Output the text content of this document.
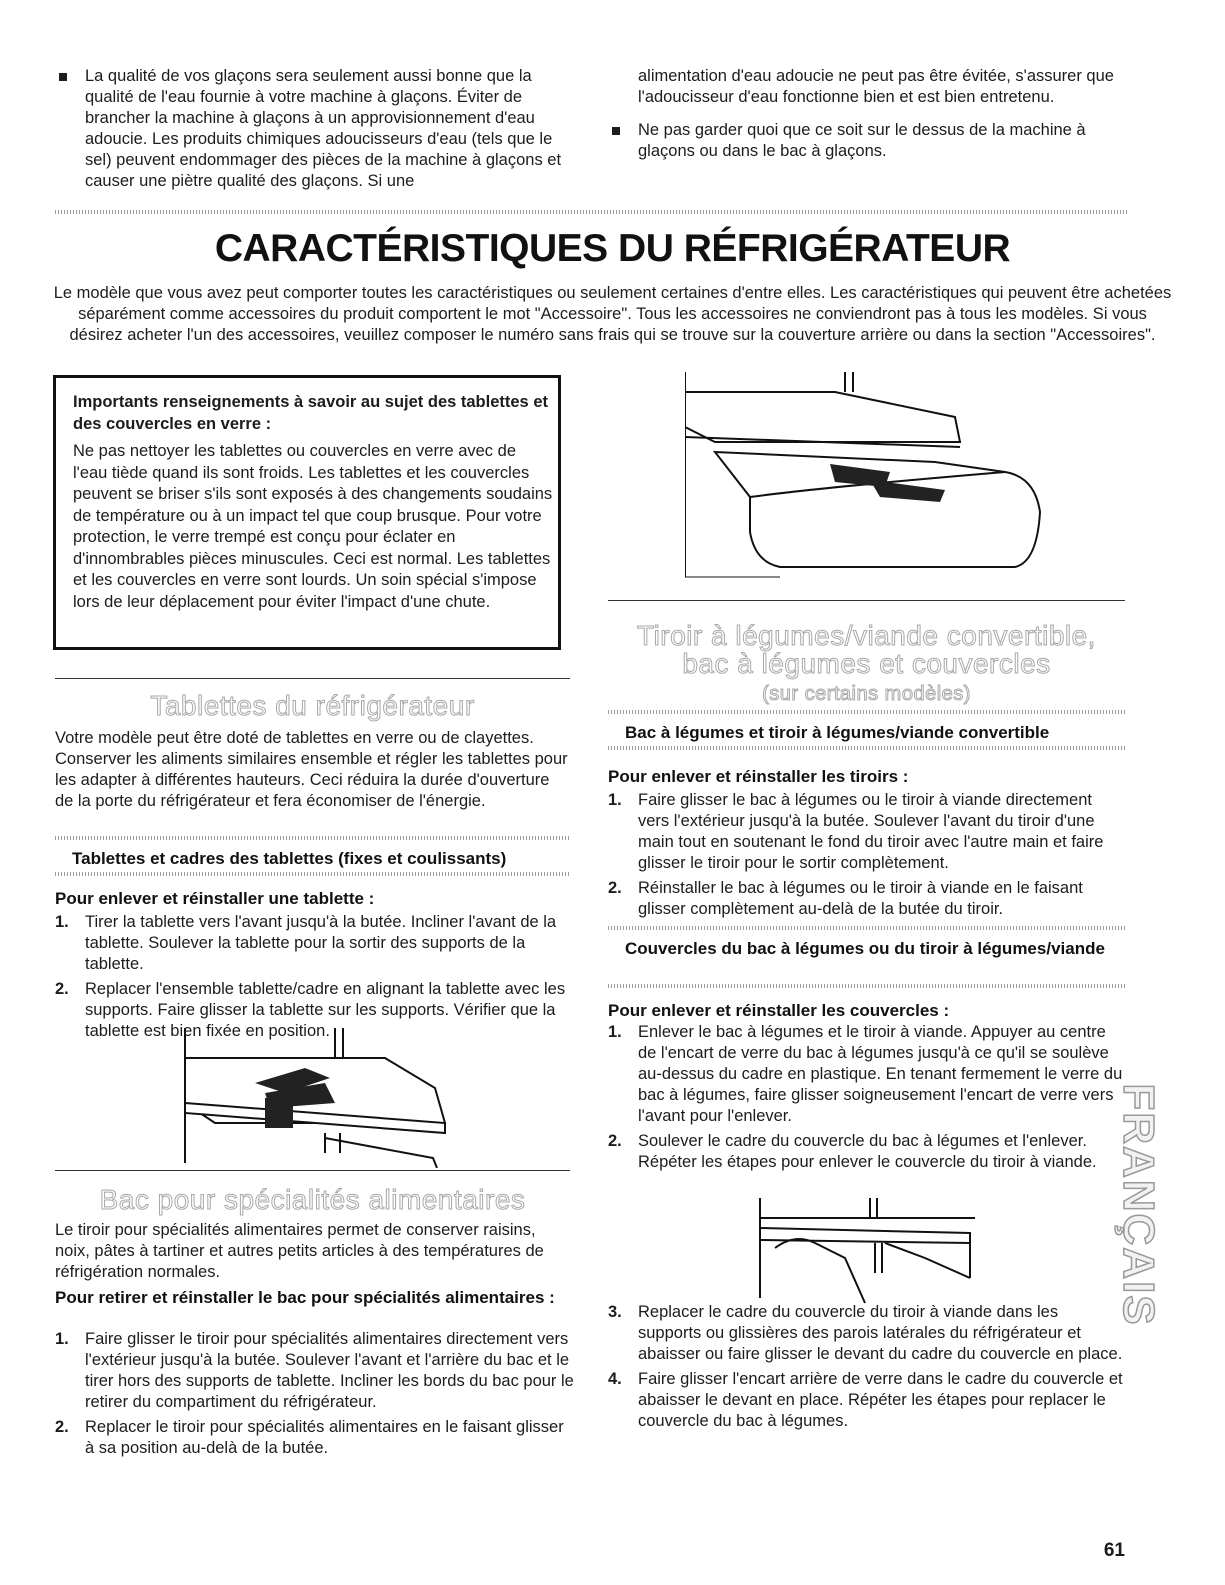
La qualité de vos glaçons sera seulement aussi bonne que la qualité de l'eau fournie à votre machine à glaçons. Éviter de brancher la machine à glaçons à un approvisionnement d'eau adoucie. Les produits chimiques adoucisseurs d'eau (tels que le sel) peuvent endommager des pièces de la machine à glaçons et causer une piètre qualité des glaçons. Si une
alimentation d'eau adoucie ne peut pas être évitée, s'assurer que l'adoucisseur d'eau fonctionne bien et est bien entretenu.
Ne pas garder quoi que ce soit sur le dessus de la machine à glaçons ou dans le bac à glaçons.
CARACTÉRISTIQUES DU RÉFRIGÉRATEUR
Le modèle que vous avez peut comporter toutes les caractéristiques ou seulement certaines d'entre elles. Les caractéristiques qui peuvent être achetées séparément comme accessoires du produit comportent le mot "Accessoire". Tous les accessoires ne conviendront pas à tous les modèles. Si vous désirez acheter l'un des accessoires, veuillez composer le numéro sans frais qui se trouve sur la couverture arrière ou dans la section "Accessoires".
Importants renseignements à savoir au sujet des tablettes et des couvercles en verre :
Ne pas nettoyer les tablettes ou couvercles en verre avec de l'eau tiède quand ils sont froids. Les tablettes et les couvercles peuvent se briser s'ils sont exposés à des changements soudains de température ou à un impact tel que coup brusque. Pour votre protection, le verre trempé est conçu pour éclater en d'innombrables pièces minuscules. Ceci est normal. Les tablettes et les couvercles en verre sont lourds. Un soin spécial s'impose lors de leur déplacement pour éviter l'impact d'une chute.
Tablettes du réfrigérateur
Votre modèle peut être doté de tablettes en verre ou de clayettes. Conserver les aliments similaires ensemble et régler les tablettes pour les adapter à différentes hauteurs. Ceci réduira la durée d'ouverture de la porte du réfrigérateur et fera économiser de l'énergie.
Tablettes et cadres des tablettes (fixes et coulissants)
Pour enlever et réinstaller une tablette :
1. Tirer la tablette vers l'avant jusqu'à la butée. Incliner l'avant de la tablette. Soulever la tablette pour la sortir des supports de la tablette.
2. Replacer l'ensemble tablette/cadre en alignant la tablette avec les supports. Faire glisser la tablette sur les supports. Vérifier que la tablette est bien fixée en position.
Bac pour spécialités alimentaires
Le tiroir pour spécialités alimentaires permet de conserver raisins, noix, pâtes à tartiner et autres petits articles à des températures de réfrigération normales.
Pour retirer et réinstaller le bac pour spécialités alimentaires :
1. Faire glisser le tiroir pour spécialités alimentaires directement vers l'extérieur jusqu'à la butée. Soulever l'avant et l'arrière du bac et le tirer hors des supports de tablette. Incliner les bords du bac pour le retirer du compartiment du réfrigérateur.
2. Replacer le tiroir pour spécialités alimentaires en le faisant glisser à sa position au-delà de la butée.
Tiroir à légumes/viande convertible,
bac à légumes et couvercles
(sur certains modèles)
Bac à légumes et tiroir à légumes/viande convertible
Pour enlever et réinstaller les tiroirs :
1. Faire glisser le bac à légumes ou le tiroir à viande directement vers l'extérieur jusqu'à la butée. Soulever l'avant du tiroir d'une main tout en soutenant le fond du tiroir avec l'autre main et faire glisser le tiroir pour le sortir complètement.
2. Réinstaller le bac à légumes ou le tiroir à viande en le faisant glisser complètement au-delà de la butée du tiroir.
Couvercles du bac à légumes ou du tiroir à légumes/viande
Pour enlever et réinstaller les couvercles :
1. Enlever le bac à légumes et le tiroir à viande. Appuyer au centre de l'encart de verre du bac à légumes jusqu'à ce qu'il se soulève au-dessus du cadre en plastique. En tenant fermement le verre du bac à légumes, faire glisser soigneusement l'encart de verre vers l'avant pour l'enlever.
2. Soulever le cadre du couvercle du bac à légumes et l'enlever. Répéter les étapes pour enlever le couvercle du tiroir à viande.
3. Replacer le cadre du couvercle du tiroir à viande dans les supports ou glissières des parois latérales du réfrigérateur et abaisser ou faire glisser le devant du cadre du couvercle en place.
4. Faire glisser l'encart arrière de verre dans le cadre du couvercle et abaisser le devant en place. Répéter les étapes pour replacer le couvercle du bac à légumes.
FRANÇAIS
61
